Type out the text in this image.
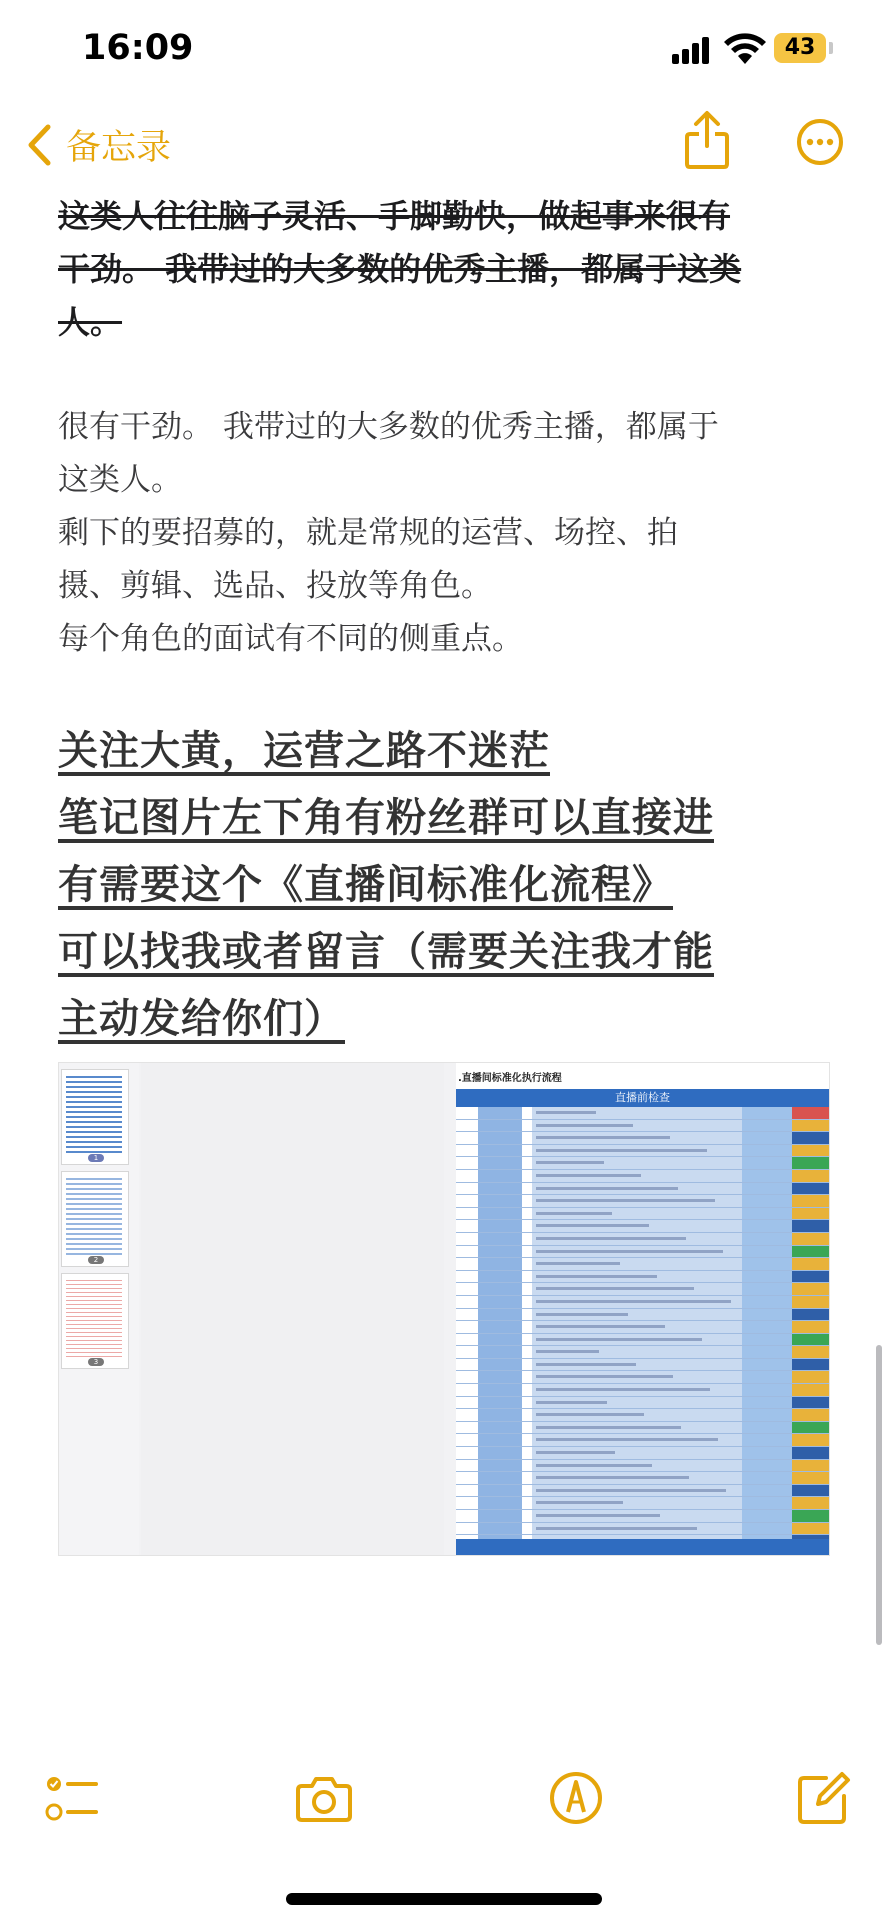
16:09	43
备忘录
这类人往往脑子灵活、手脚勤快，做起事来很有
干劲。 我带过的大多数的优秀主播，都属于这类
人。
很有干劲。 我带过的大多数的优秀主播，都属于
这类人。
剩下的要招募的，就是常规的运营、场控、拍
摄、剪辑、选品、投放等角色。
每个角色的面试有不同的侧重点。
关注大黄，运营之路不迷茫
笔记图片左下角有粉丝群可以直接进
有需要这个《直播间标准化流程》
可以找我或者留言（需要关注我才能
主动发给你们）
1
2
3
.直播间标准化执行流程
直播前检查
